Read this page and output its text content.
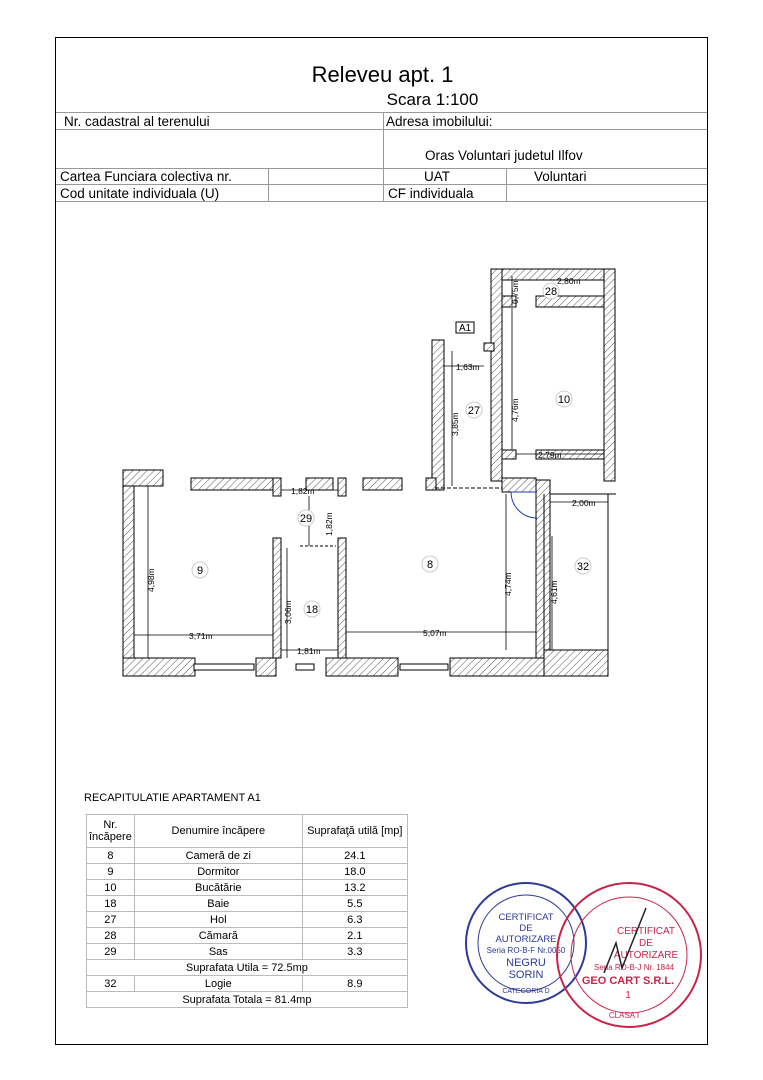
Releveu apt. 1
Scara 1:100
Nr. cadastral al terenului	Adresa imobilului:
Oras Voluntari judetul Ilfov
Cartea Funciara colectiva nr.	UAT	Voluntari
Cod unitate individuala (U)	CF individuala
A1
2,80m
0,75m
1,63m
4,76m
3,85m
2,79m
1,82m
1,82m
2,00m
4,98m	4,74m	4,61m
3,06m
3,71m	5,07m
1,81m
28
10
27
29
9	8
18
32
CERTIFICAT
DE
AUTORIZARE
Seria RO-B-F Nr.0050
NEGRU
SORIN
CATEGORIA D
CERTIFICAT
DE
AUTORIZARE
Seria RO-B-J Nr. 1844
GEO CART S.R.L.
1
CLASA I
RECAPITULATIE APARTAMENT A1
Nr. încăpere	Denumire încăpere	Suprafaţă utilă [mp]
8	Cameră de zi	24.1
9	Dormitor	18.0
10	Bucătărie	13.2
18	Baie	5.5
27	Hol	6.3
28	Cămară	2.1
29	Sas	3.3
Suprafata Utila = 72.5mp		
32	Logie	8.9
Suprafata Totala = 81.4mp		
